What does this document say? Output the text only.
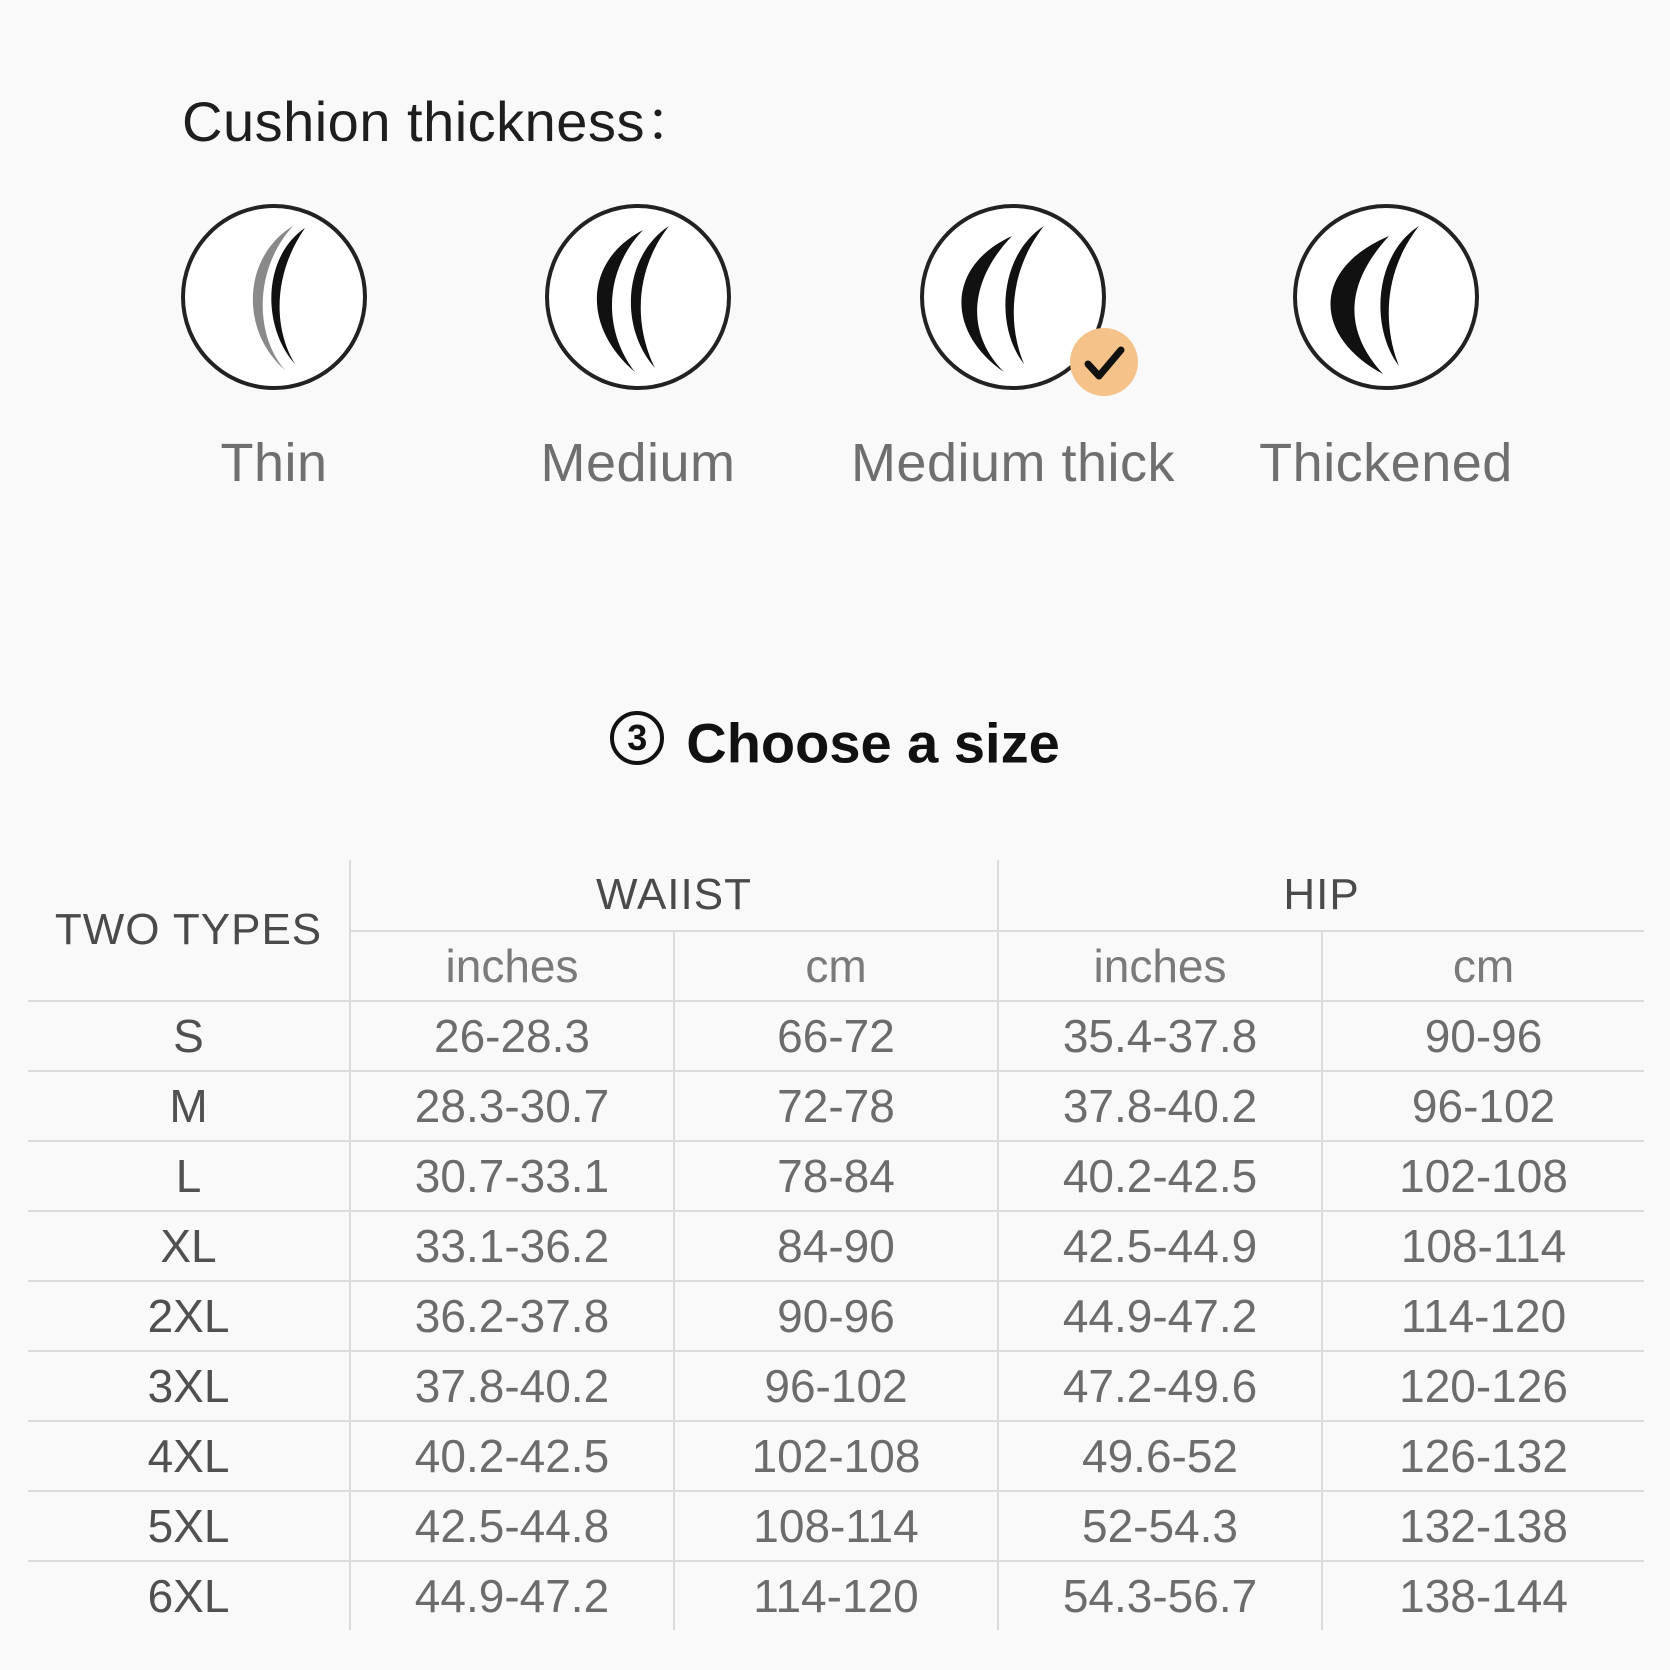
Cushion thickness：
Thin	Medium	Medium thick	Thickened
3 Choose a size
TWO TYPES	WAIIST		HIP	
	inches	cm	inches	cm
S	26-28.3	66-72	35.4-37.8	90-96
M	28.3-30.7	72-78	37.8-40.2	96-102
L	30.7-33.1	78-84	40.2-42.5	102-108
XL	33.1-36.2	84-90	42.5-44.9	108-114
2XL	36.2-37.8	90-96	44.9-47.2	114-120
3XL	37.8-40.2	96-102	47.2-49.6	120-126
4XL	40.2-42.5	102-108	49.6-52	126-132
5XL	42.5-44.8	108-114	52-54.3	132-138
6XL	44.9-47.2	114-120	54.3-56.7	138-144
